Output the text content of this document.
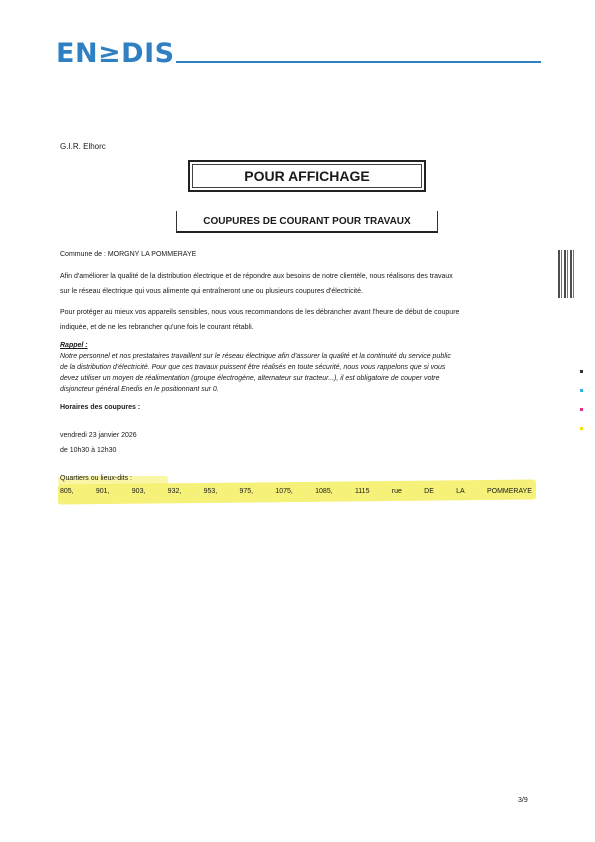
EN≥DIS
G.I.R. Elhorc
POUR AFFICHAGE
COUPURES DE COURANT POUR TRAVAUX
Commune de : MORGNY LA POMMERAYE
Afin d'améliorer la qualité de la distribution électrique et de répondre aux besoins de notre clientèle, nous réalisons des travaux
sur le réseau électrique qui vous alimente qui entraîneront une ou plusieurs coupures d'électricité.
Pour protéger au mieux vos appareils sensibles, nous vous recommandons de les débrancher avant l'heure de début de coupure
indiquée, et de ne les rebrancher qu'une fois le courant rétabli.
Rappel :
Notre personnel et nos prestataires travaillent sur le réseau électrique afin d'assurer la qualité et la continuité du service public
de la distribution d'électricité. Pour que ces travaux puissent être réalisés en toute sécurité, nous vous rappelons que si vous
devez utiliser un moyen de réalimentation (groupe électrogène, alternateur sur tracteur...), il est obligatoire de couper votre
disjoncteur général Enedis en le positionnant sur 0.
Horaires des coupures :
vendredi 23 janvier 2026
de 10h30 à 12h30
Quartiers ou lieux-dits :
805,	901,	903,	932,	953,	975,	1075,	1085,	1115	rue	DE	LA	POMMERAYE
3/9
